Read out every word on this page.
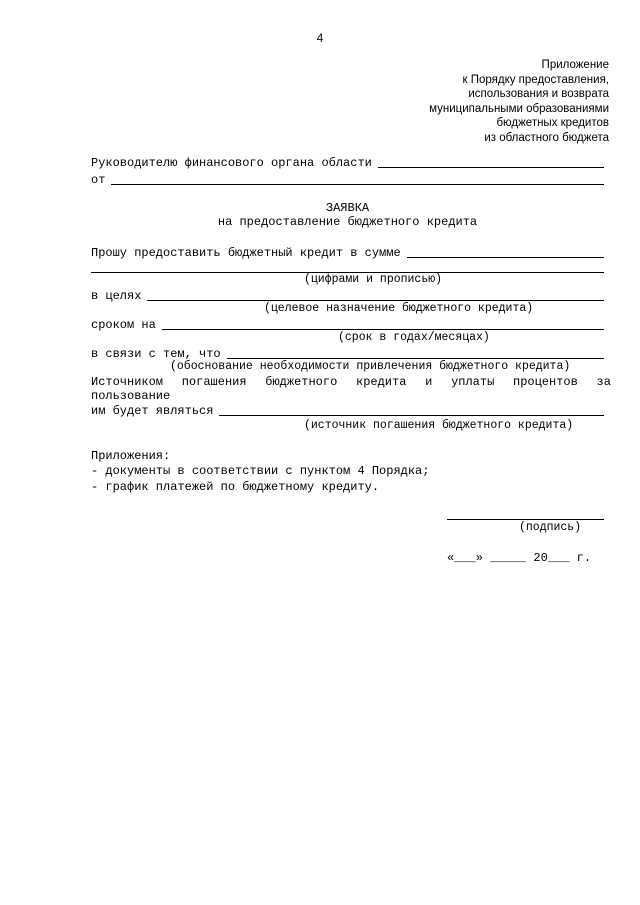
4
Приложение
к Порядку предоставления,
использования и возврата
муниципальными образованиями
бюджетных кредитов
из областного бюджета
Руководителю финансового органа области
от
ЗАЯВКА
на предоставление бюджетного кредита
Прошу предоставить бюджетный кредит в сумме
(цифрами и прописью)
в целях
(целевое назначение бюджетного кредита)
сроком на
(срок в годах/месяцах)
в связи с тем, что
(обоснование необходимости привлечения бюджетного кредита)
Источником погашения бюджетного кредита и уплаты процентов за
пользование
им будет являться
(источник погашения бюджетного кредита)
Приложения:
- документы в соответствии с пунктом 4 Порядка;
- график платежей по бюджетному кредиту.
(подпись)
«___» _____ 20___ г.
